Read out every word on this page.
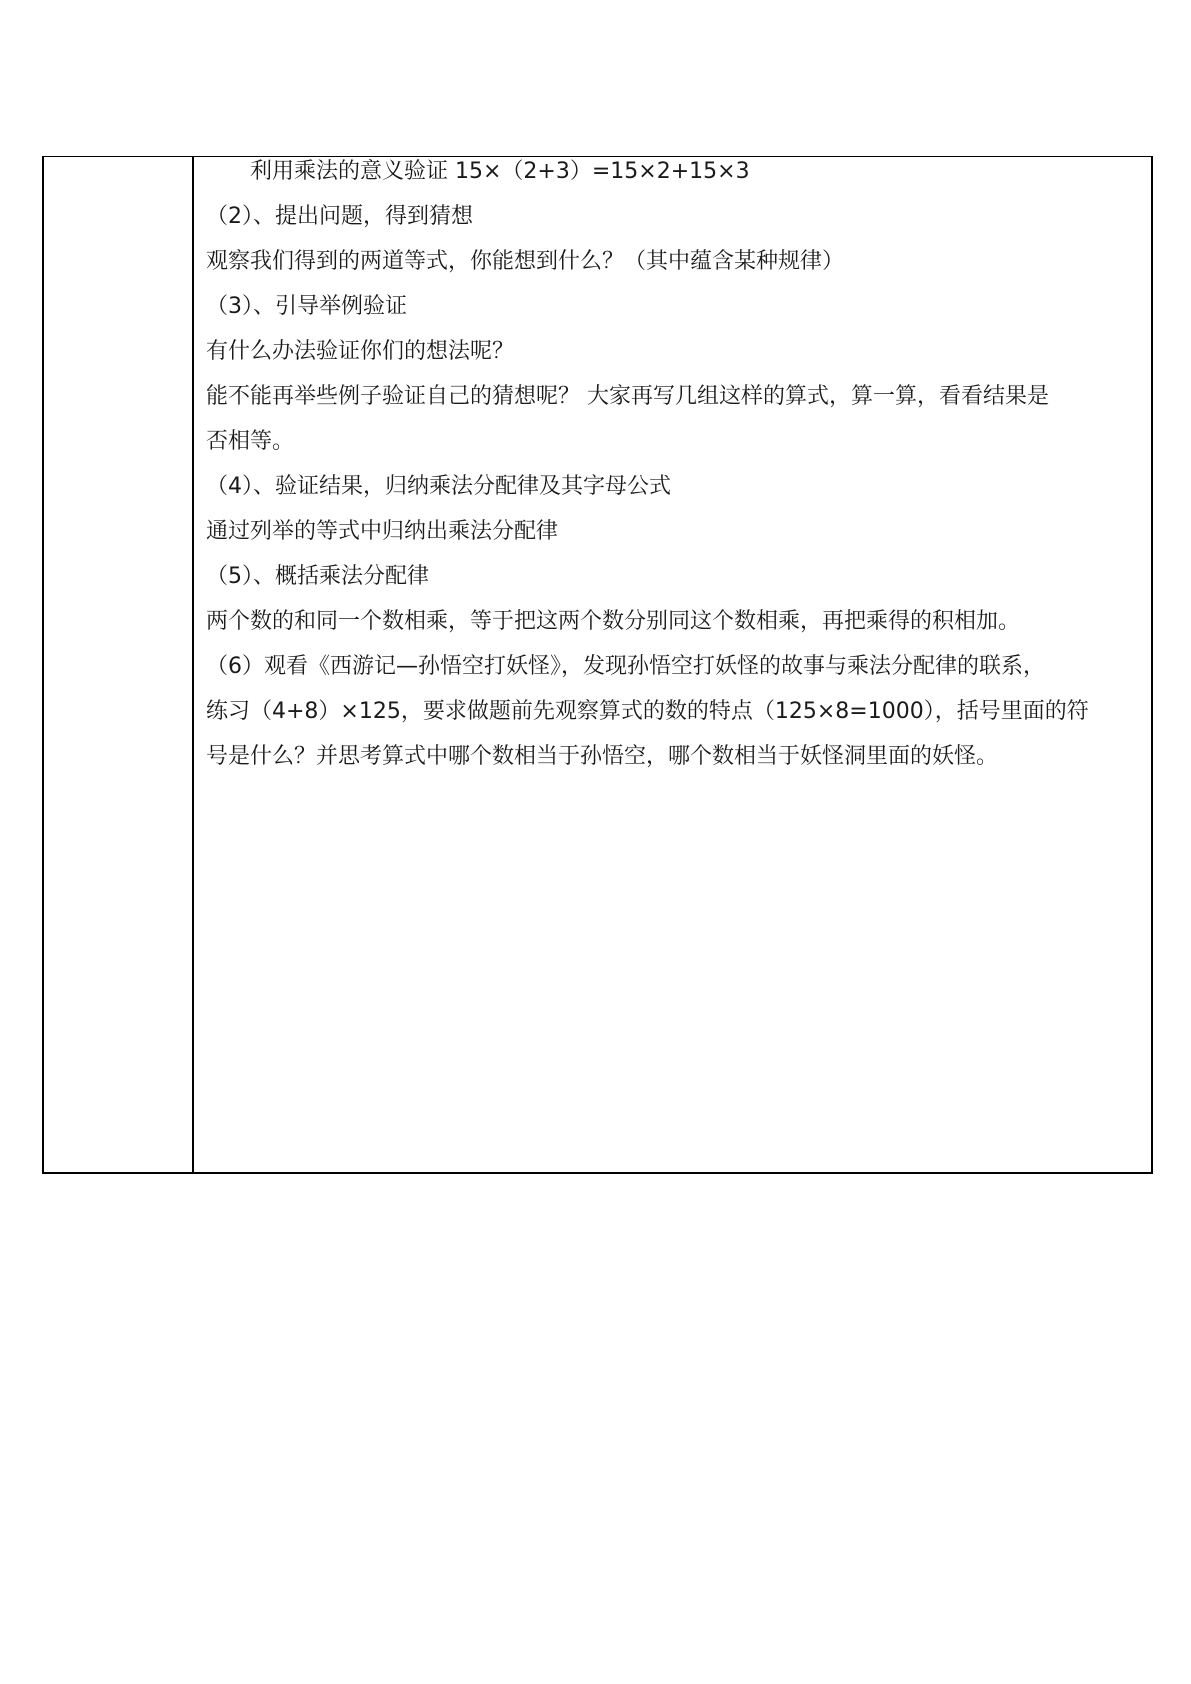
利用乘法的意义验证 15×（2+3）=15×2+15×3
（2）、提出问题，得到猜想
观察我们得到的两道等式，你能想到什么？（其中蕴含某种规律）
（3）、引导举例验证
有什么办法验证你们的想法呢？
能不能再举些例子验证自己的猜想呢？ 大家再写几组这样的算式，算一算，看看结果是
否相等。
（4）、验证结果，归纳乘法分配律及其字母公式
通过列举的等式中归纳出乘法分配律
（5）、概括乘法分配律
两个数的和同一个数相乘，等于把这两个数分别同这个数相乘，再把乘得的积相加。
（6）观看《西游记—孙悟空打妖怪》，发现孙悟空打妖怪的故事与乘法分配律的联系，
练习（4+8）×125，要求做题前先观察算式的数的特点（125×8=1000），括号里面的符
号是什么？并思考算式中哪个数相当于孙悟空，哪个数相当于妖怪洞里面的妖怪。
